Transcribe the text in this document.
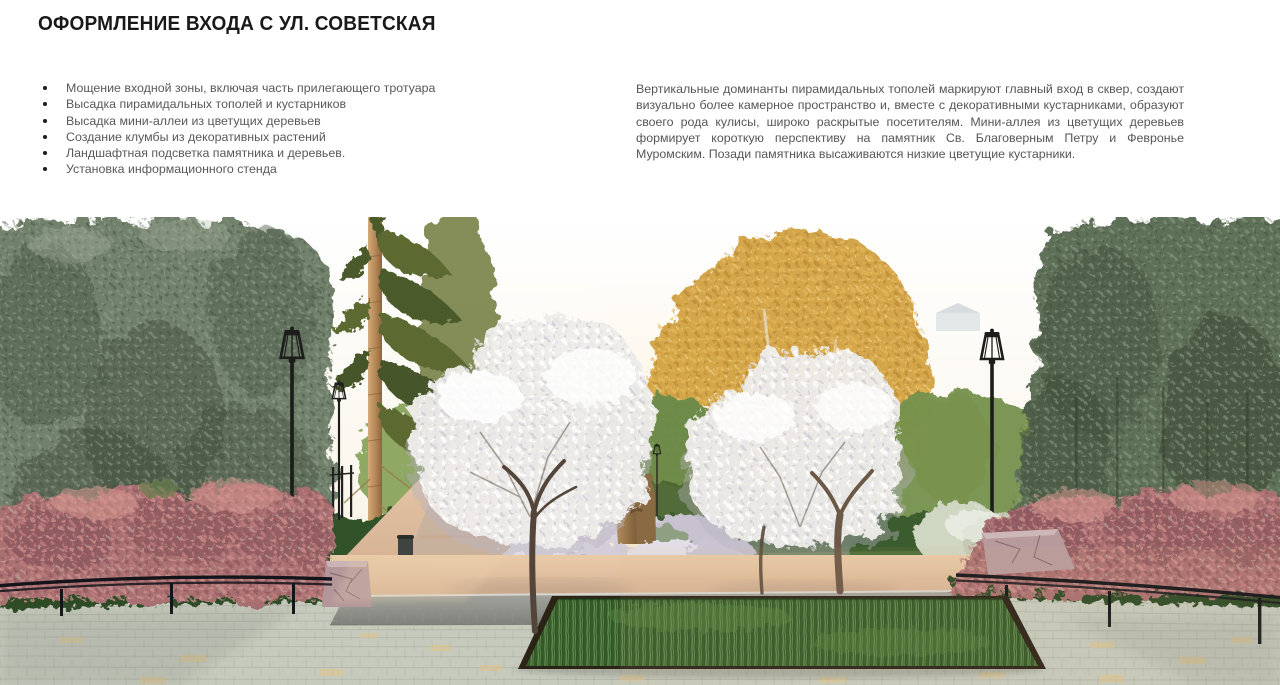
ОФОРМЛЕНИЕ ВХОДА С УЛ. СОВЕТСКАЯ
Мощение входной зоны, включая часть прилегающего тротуара
Высадка пирамидальных тополей и кустарников
Высадка мини-аллеи из цветущих деревьев
Создание клумбы из декоративных растений
Ландшафтная подсветка памятника и деревьев.
Установка информационного стенда
Вертикальные доминанты пирамидальных тополей маркируют главный вход в сквер, создают визуально более камерное пространство и, вместе с декоративными кустарниками, образуют своего рода кулисы, широко раскрытые посетителям. Мини-аллея из цветущих деревьев формирует короткую перспективу на памятник Св. Благоверным Петру и Февронье Муромским. Позади памятника высаживаются низкие цветущие кустарники.
